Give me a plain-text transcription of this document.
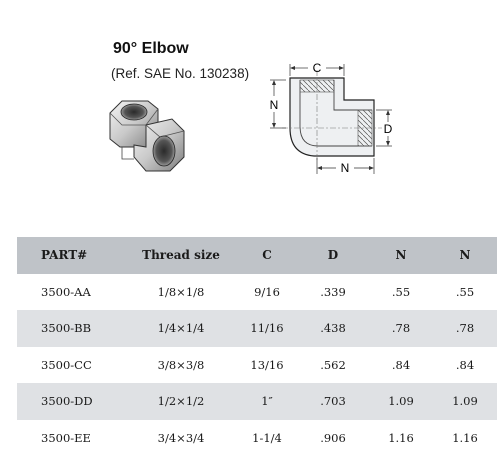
90° Elbow
(Ref. SAE No. 130238)	C
N
D
N
PART#	Thread size	C	D	N	N
3500-AA	1/8×1/8	9/16	.339	.55	.55
3500-BB	1/4×1/4	11/16	.438	.78	.78
3500-CC	3/8×3/8	13/16	.562	.84	.84
3500-DD	1/2×1/2	1″	.703	1.09	1.09
3500-EE	3/4×3/4	1-1/4	.906	1.16	1.16
